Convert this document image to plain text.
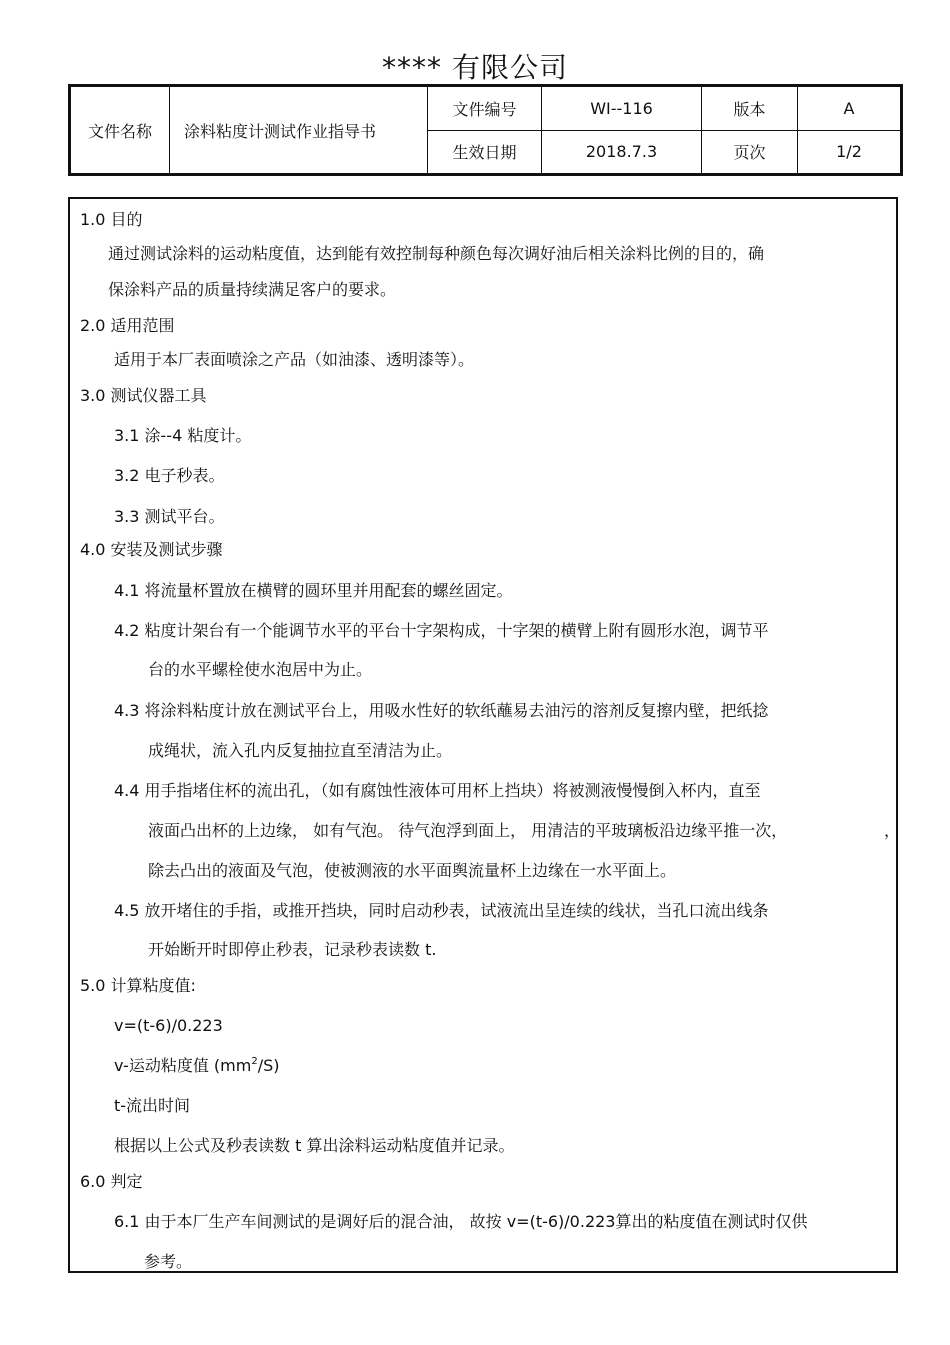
**** 有限公司
文件名称	涂料粘度计测试作业指导书	文件编号	WI--116	版本	A
		生效日期	2018.7.3	页次	1/2
1.0 目的
通过测试涂料的运动粘度值，达到能有效控制每种颜色每次调好油后相关涂料比例的目的，确
保涂料产品的质量持续满足客户的要求。
2.0 适用范围
适用于本厂表面喷涂之产品（如油漆、透明漆等）。
3.0 测试仪器工具
3.1 涂--4 粘度计。
3.2 电子秒表。
3.3 测试平台。
4.0 安装及测试步骤
4.1 将流量杯置放在横臂的圆环里并用配套的螺丝固定。
4.2 粘度计架台有一个能调节水平的平台十字架构成，十字架的横臂上附有圆形水泡，调节平
台的水平螺栓使水泡居中为止。
4.3 将涂料粘度计放在测试平台上，用吸水性好的软纸蘸易去油污的溶剂反复擦内壁，把纸捻
成绳状，流入孔内反复抽拉直至清洁为止。
4.4 用手指堵住杯的流出孔，（如有腐蚀性液体可用杯上挡块）将被测液慢慢倒入杯内，直至
液面凸出杯的上边缘， 如有气泡。 待气泡浮到面上， 用清洁的平玻璃板沿边缘平推一次，	，
除去凸出的液面及气泡，使被测液的水平面舆流量杯上边缘在一水平面上。
4.5 放开堵住的手指，或推开挡块，同时启动秒表，试液流出呈连续的线状，当孔口流出线条
开始断开时即停止秒表，记录秒表读数 t.
5.0 计算粘度值:
v=(t-6)/0.223
v-运动粘度值 $(mm^2/S)$
t-流出时间
根据以上公式及秒表读数 t 算出涂料运动粘度值并记录。
6.0 判定
6.1 由于本厂生产车间测试的是调好后的混合油， 故按 v=(t-6)/0.223算出的粘度值在测试时仅供
参考。
